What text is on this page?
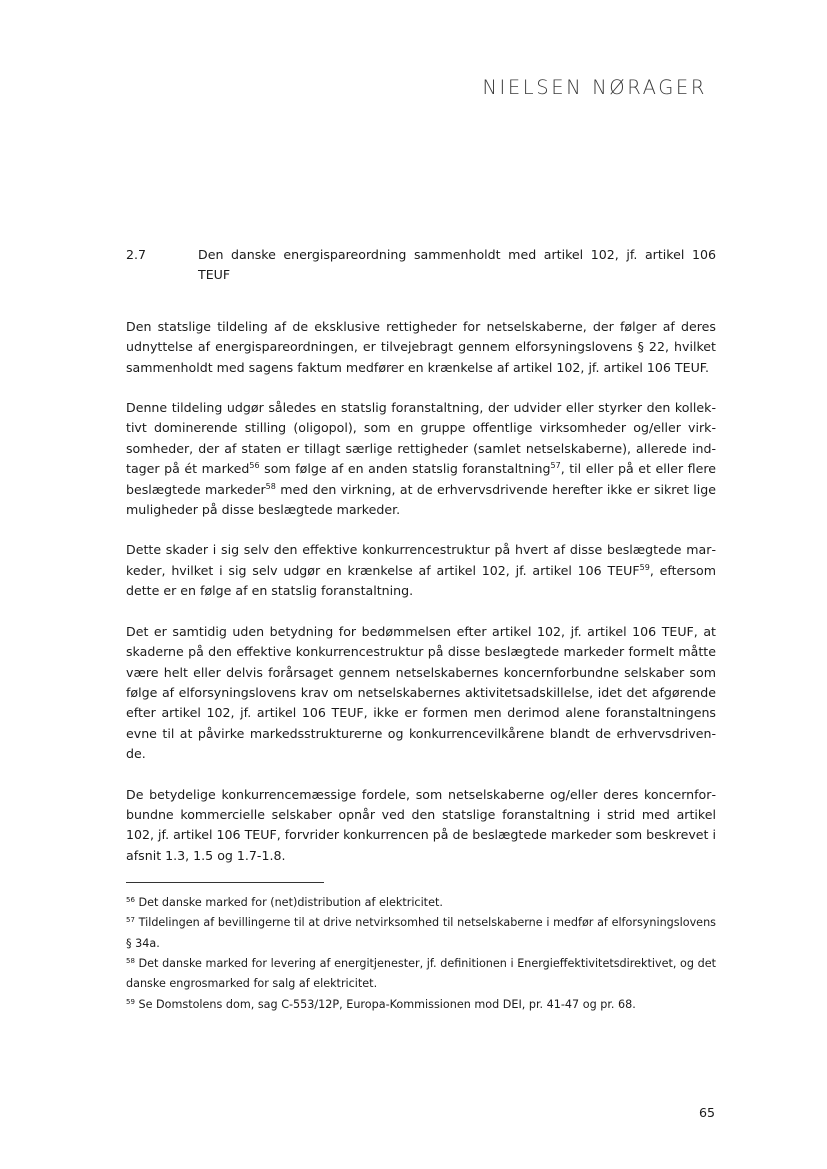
NIELSEN NØRAGER
2.7	Den danske energispareordning sammenholdt med artikel 102, jf. artikel 106 TEUF

Den statslige tildeling af de eksklusive rettigheder for netselskaberne, der følger af deres udnyttelse af energispareordningen, er tilvejebragt gennem elforsyningslovens § 22, hvilket sammenholdt med sagens faktum medfører en krænkelse af artikel 102, jf. artikel 106 TEUF.

Denne tildeling udgør således en statslig foranstaltning, der udvider eller styrker den kollektivt dominerende stilling (oligopol), som en gruppe offentlige virksomheder og/eller virksomheder, der af staten er tillagt særlige rettigheder (samlet netselskaberne), allerede indtager på ét marked$^{56}$ som følge af en anden statslig foranstaltning$^{57}$, til eller på et eller flere beslægtede markeder$^{58}$ med den virkning, at de erhvervsdrivende herefter ikke er sikret lige muligheder på disse beslægtede markeder.

Dette skader i sig selv den effektive konkurrencestruktur på hvert af disse beslægtede markeder, hvilket i sig selv udgør en krænkelse af artikel 102, jf. artikel 106 TEUF$^{59}$, eftersom dette er en følge af en statslig foranstaltning.

Det er samtidig uden betydning for bedømmelsen efter artikel 102, jf. artikel 106 TEUF, at skaderne på den effektive konkurrencestruktur på disse beslægtede markeder formelt måtte være helt eller delvis forårsaget gennem netselskabernes koncernforbundne selskaber som følge af elforsyningslovens krav om netselskabernes aktivitetsadskillelse, idet det afgørende efter artikel 102, jf. artikel 106 TEUF, ikke er formen men derimod alene foranstaltningens evne til at påvirke markedsstrukturerne og konkurrencevilkårene blandt de erhvervsdrivende.

De betydelige konkurrencemæssige fordele, som netselskaberne og/eller deres koncernforbundne kommercielle selskaber opnår ved den statslige foranstaltning i strid med artikel 102, jf. artikel 106 TEUF, forvrider konkurrencen på de beslægtede markeder som beskrevet i afsnit 1.3, 1.5 og 1.7-1.8.

$^{56}$ Det danske marked for (net)distribution af elektricitet.
$^{57}$ Tildelingen af bevillingerne til at drive netvirksomhed til netselskaberne i medfør af elforsyningslovens § 34a.
$^{58}$ Det danske marked for levering af energitjenester, jf. definitionen i Energieffektivitetsdirektivet, og det danske engrosmarked for salg af elektricitet.
$^{59}$ Se Domstolens dom, sag C-553/12P, Europa-Kommissionen mod DEI, pr. 41-47 og pr. 68.
65
